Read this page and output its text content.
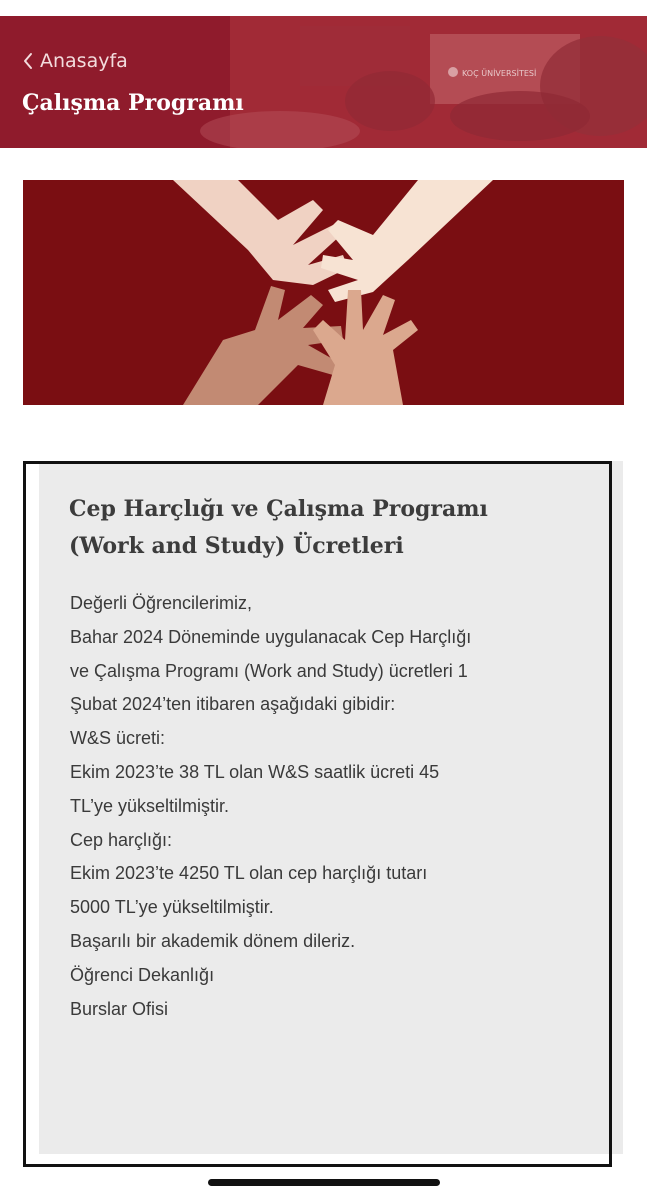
KOÇ ÜNİVERSİTESİ
Anasayfa
Çalışma Programı
Cep Harçlığı ve Çalışma Programı
(Work and Study) Ücretleri
Değerli Öğrencilerimiz,
Bahar 2024 Döneminde uygulanacak Cep Harçlığı
ve Çalışma Programı (Work and Study) ücretleri 1
Şubat 2024’ten itibaren aşağıdaki gibidir:
W&S ücreti:
Ekim 2023’te 38 TL olan W&S saatlik ücreti 45
TL’ye yükseltilmiştir.
Cep harçlığı:
Ekim 2023’te 4250 TL olan cep harçlığı tutarı
5000 TL’ye yükseltilmiştir.
Başarılı bir akademik dönem dileriz.
Öğrenci Dekanlığı
Burslar Ofisi
